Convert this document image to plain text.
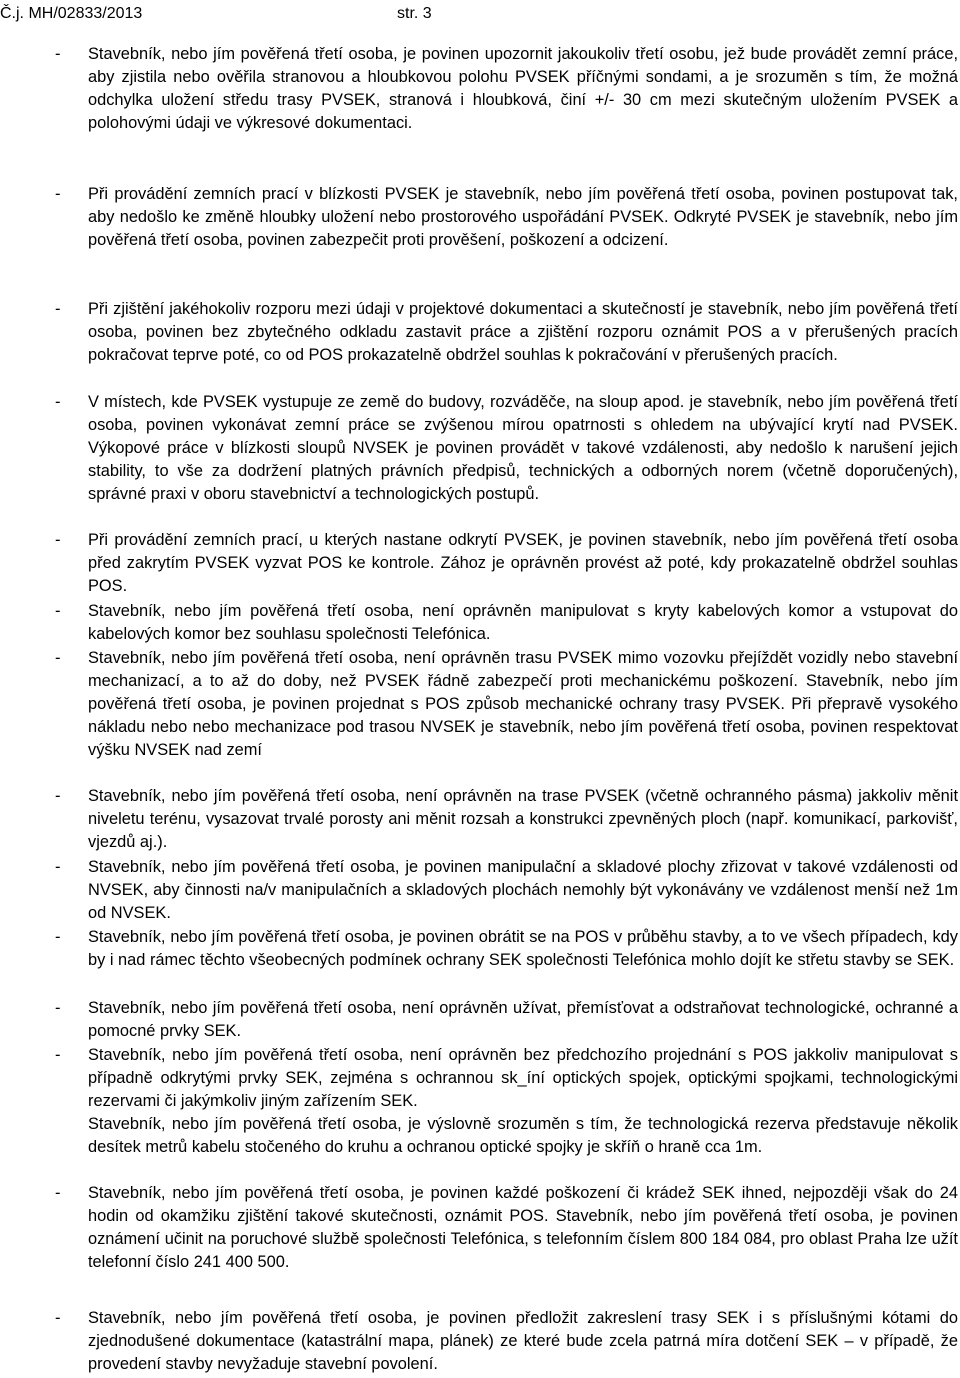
Č.j. MH/02833/2013	str. 3
-	Stavebník, nebo jím pověřená třetí osoba, je povinen upozornit jakoukoliv třetí osobu, jež bude provádět zemní práce, aby zjistila nebo ověřila stranovou a hloubkovou polohu PVSEK příčnými sondami, a je srozuměn s tím, že možná odchylka uložení středu trasy PVSEK, stranová i hloubková, činí +/- 30 cm mezi skutečným uložením PVSEK a polohovými údaji ve výkresové dokumentaci.
-	Při provádění zemních prací v blízkosti PVSEK je stavebník, nebo jím pověřená třetí osoba, povinen postupovat tak, aby nedošlo ke změně hloubky uložení nebo prostorového uspořádání PVSEK. Odkryté PVSEK je stavebník, nebo jím pověřená třetí osoba, povinen zabezpečit proti prověšení, poškození a odcizení.
-	Při zjištění jakéhokoliv rozporu mezi údaji v projektové dokumentaci a skutečností je stavebník, nebo jím pověřená třetí osoba, povinen bez zbytečného odkladu zastavit práce a zjištění rozporu oznámit POS a v přerušených pracích pokračovat teprve poté, co od POS prokazatelně obdržel souhlas k pokračování v přerušených pracích.
-	V místech, kde PVSEK vystupuje ze země do budovy, rozváděče, na sloup apod. je stavebník, nebo jím pověřená třetí osoba, povinen vykonávat zemní práce se zvýšenou mírou opatrnosti s ohledem na ubývající krytí nad PVSEK. Výkopové práce v blízkosti sloupů NVSEK je povinen provádět v takové vzdálenosti, aby nedošlo k narušení jejich stability, to vše za dodržení platných právních předpisů, technických a odborných norem (včetně doporučených), správné praxi v oboru stavebnictví a technologických postupů.
-	Při provádění zemních prací, u kterých nastane odkrytí PVSEK, je povinen stavebník, nebo jím pověřená třetí osoba před zakrytím PVSEK vyzvat POS ke kontrole. Zához je oprávněn provést až poté, kdy prokazatelně obdržel souhlas POS.
-	Stavebník, nebo jím pověřená třetí osoba, není oprávněn manipulovat s kryty kabelových komor a vstupovat do kabelových komor bez souhlasu společnosti Telefónica.
-	Stavebník, nebo jím pověřená třetí osoba, není oprávněn trasu PVSEK mimo vozovku přejíždět vozidly nebo stavební mechanizací, a to až do doby, než PVSEK řádně zabezpečí proti mechanickému poškození. Stavebník, nebo jím pověřená třetí osoba, je povinen projednat s POS způsob mechanické ochrany trasy PVSEK. Při přepravě vysokého nákladu nebo nebo mechanizace pod trasou NVSEK je stavebník, nebo jím pověřená třetí osoba, povinen respektovat výšku NVSEK nad zemí
-	Stavebník, nebo jím pověřená třetí osoba, není oprávněn na trase PVSEK (včetně ochranného pásma) jakkoliv měnit niveletu terénu, vysazovat trvalé porosty ani měnit rozsah a konstrukci zpevněných ploch (např. komunikací, parkovišť, vjezdů aj.).
-	Stavebník, nebo jím pověřená třetí osoba, je povinen manipulační a skladové plochy zřizovat v takové vzdálenosti od NVSEK, aby činnosti na/v manipulačních a skladových plochách nemohly být vykonávány ve vzdálenost menší než 1m od NVSEK.
-	Stavebník, nebo jím pověřená třetí osoba, je povinen obrátit se na POS v průběhu stavby, a to ve všech případech, kdy by i nad rámec těchto všeobecných podmínek ochrany SEK společnosti Telefónica mohlo dojít ke střetu stavby se SEK.
-	Stavebník, nebo jím pověřená třetí osoba, není oprávněn užívat, přemísťovat a odstraňovat technologické, ochranné a pomocné prvky SEK.
-	Stavebník, nebo jím pověřená třetí osoba, není oprávněn bez předchozího projednání s POS jakkoliv manipulovat s případně odkrytými prvky SEK, zejména s ochrannou sk_íní optických spojek, optickými spojkami, technologickými rezervami či jakýmkoliv jiným zařízením SEK.
Stavebník, nebo jím pověřená třetí osoba, je výslovně srozuměn s tím, že technologická rezerva představuje několik desítek metrů kabelu stočeného do kruhu a ochranou optické spojky je skříň o hraně cca 1m.
-	Stavebník, nebo jím pověřená třetí osoba, je povinen každé poškození či krádež SEK ihned, nejpozději však do 24 hodin od okamžiku zjištění takové skutečnosti, oznámit POS. Stavebník, nebo jím pověřená třetí osoba, je povinen oznámení učinit na poruchové službě společnosti Telefónica, s telefonním číslem 800 184 084, pro oblast Praha lze užít telefonní číslo 241 400 500.
-	Stavebník, nebo jím pověřená třetí osoba, je povinen předložit zakreslení trasy SEK i s příslušnými kótami do zjednodušené dokumentace (katastrální mapa, plánek) ze které bude zcela patrná míra dotčení SEK – v případě, že provedení stavby nevyžaduje stavební povolení.
